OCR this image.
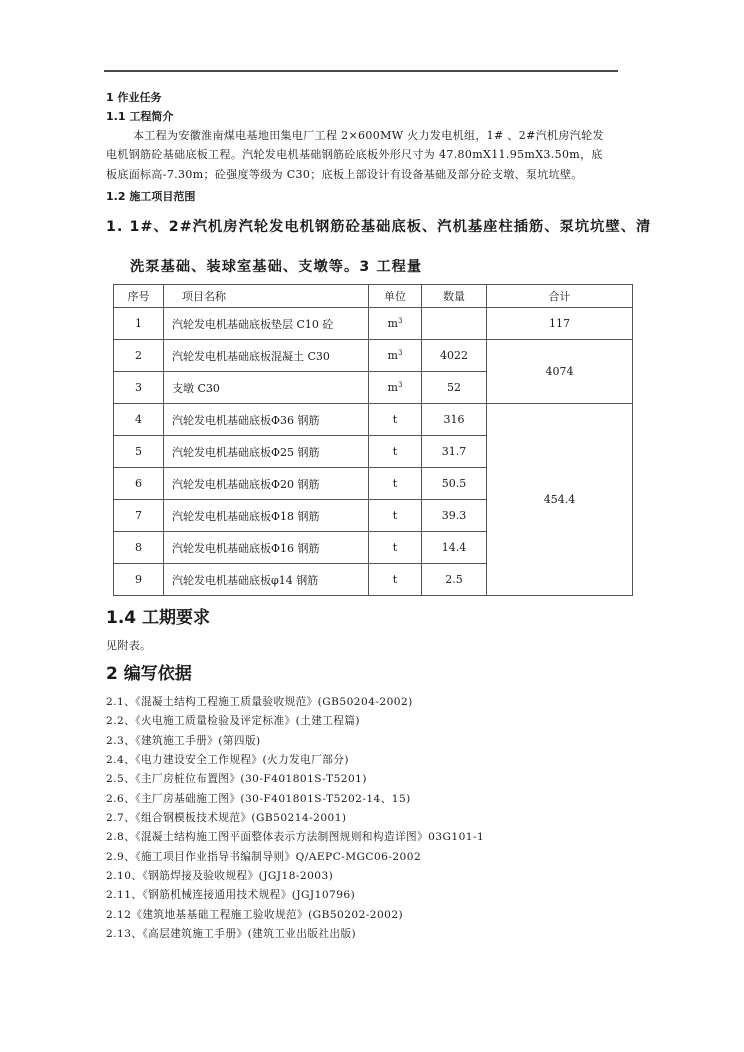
1 作业任务
1.1 工程简介
本工程为安徽淮南煤电基地田集电厂工程 2×600MW 火力发电机组，1# 、2#汽机房汽轮发
电机钢筋砼基础底板工程。汽轮发电机基础钢筋砼底板外形尺寸为 47.80mX11.95mX3.50m，底
板底面标高-7.30m；砼强度等级为 C30；底板上部设计有设备基础及部分砼支墩、泵坑坑壁。
1.2 施工项目范围
1. 1#、2#汽机房汽轮发电机钢筋砼基础底板、汽机基座柱插筋、泵坑坑壁、清
洗泵基础、装球室基础、支墩等。3 工程量
序号	项目名称	单位	数量	合计
1	汽轮发电机基础底板垫层 C10 砼	$m^3$		117
2	汽轮发电机基础底板混凝土 C30	$m^3$	4022	4074
3	支墩 C30	$m^3$	52	
4	汽轮发电机基础底板Φ36 钢筋	t	316	454.4
5	汽轮发电机基础底板Φ25 钢筋	t	31.7	
6	汽轮发电机基础底板Φ20 钢筋	t	50.5	
7	汽轮发电机基础底板Φ18 钢筋	t	39.3	
8	汽轮发电机基础底板Φ16 钢筋	t	14.4	
9	汽轮发电机基础底板φ14 钢筋	t	2.5	
1.4 工期要求
见附表。
2 编写依据
2.1、《混凝土结构工程施工质量验收规范》(GB50204-2002)
2.2、《火电施工质量检验及评定标准》(土建工程篇)
2.3、《建筑施工手册》(第四版)
2.4、《电力建设安全工作规程》(火力发电厂部分)
2.5、《主厂房桩位布置图》(30-F401801S-T5201)
2.6、《主厂房基础施工图》(30-F401801S-T5202-14、15)
2.7、《组合钢模板技术规范》(GB50214-2001)
2.8、《混凝土结构施工图平面整体表示方法制图规则和构造详图》03G101-1
2.9、《施工项目作业指导书编制导则》Q/AEPC-MGC06-2002
2.10、《钢筋焊接及验收规程》(JGJ18-2003)
2.11、《钢筋机械连接通用技术规程》(JGJ10796)
2.12《建筑地基基础工程施工验收规范》(GB50202-2002)
2.13、《高层建筑施工手册》(建筑工业出版社出版)
